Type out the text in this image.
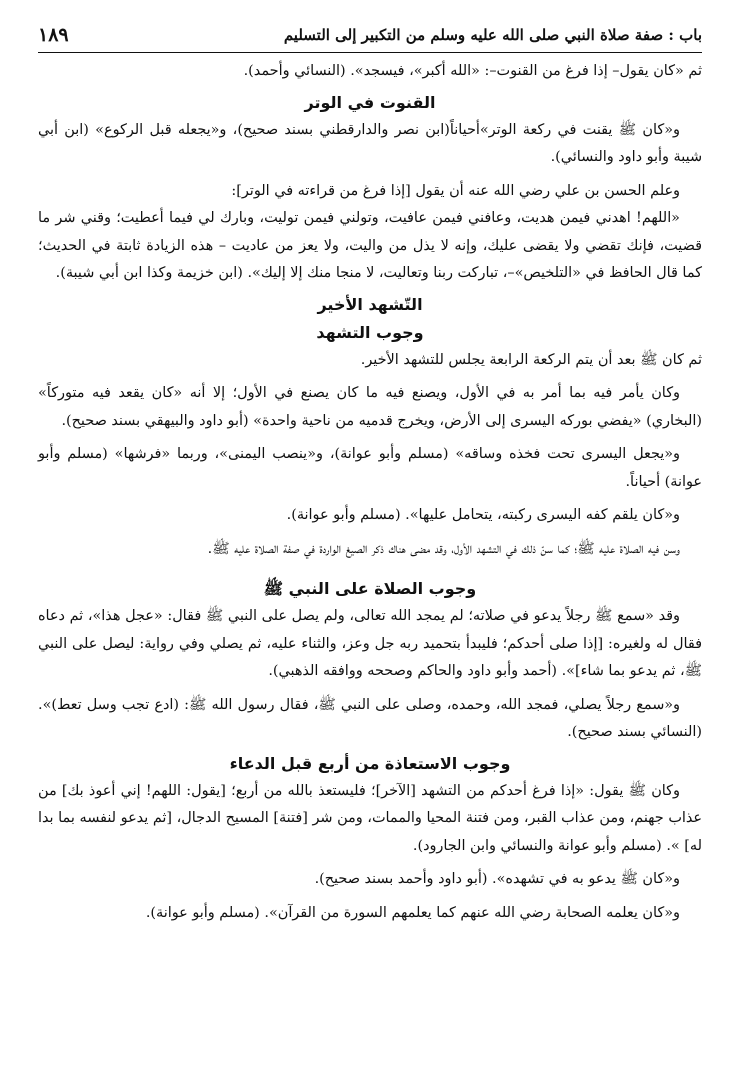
باب : صفة صلاة النبي صلى الله عليه وسلم من التكبير إلى التسليم
١٨٩

ثم «كان يقول– إذا فرغ من القنوت–: «الله أكبر»، فيسجد». (النسائي وأحمد).

القنوت في الوتر

و«كان ﷺ يقنت في ركعة الوتر»أحياناً(ابن نصر والدارقطني بسند صحيح)، و«يجعله قبل الركوع» (ابن أبي شيبة وأبو داود والنسائي).

وعلم الحسن بن علي رضي الله عنه أن يقول [إذا فرغ من قراءته في الوتر]:

«اللهم! اهدني فيمن هديت، وعافني فيمن عافيت، وتولني فيمن توليت، وبارك لي فيما أعطيت؛ وقني شر ما قضيت، فإنك تقضي ولا يقضى عليك، وإنه لا يذل من واليت، ولا يعز من عاديت – هذه الزيادة ثابتة في الحديث؛ كما قال الحافظ في «التلخيص»–، تباركت ربنا وتعاليت، لا منجا منك إلا إليك». (ابن خزيمة وكذا ابن أبي شيبة).

التّشهد الأخير
وجوب التشهد

ثم كان ﷺ بعد أن يتم الركعة الرابعة يجلس للتشهد الأخير.

وكان يأمر فيه بما أمر به في الأول، ويصنع فيه ما كان يصنع في الأول؛ إلا أنه «كان يقعد فيه متوركاً» (البخاري) «يفضي بوركه اليسرى إلى الأرض، ويخرج قدميه من ناحية واحدة» (أبو داود والبيهقي بسند صحيح).

و«يجعل اليسرى تحت فخذه وساقه» (مسلم وأبو عوانة)، و«ينصب اليمنى»، وربما «فرشها» (مسلم وأبو عوانة) أحياناً.

و«كان يلقم كفه اليسرى ركبته، يتحامل عليها». (مسلم وأبو عوانة).

وسن فيه الصلاة عليه ﷺ؛ كما سنّ ذلك في التشهد الأول، وقد مضى هناك ذكر الصيغ الواردة في صفة الصلاة عليه ﷺ.

وجوب الصلاة على النبي ﷺ

وقد «سمع ﷺ رجلاً يدعو في صلاته؛ لم يمجد الله تعالى، ولم يصل على النبي ﷺ فقال: «عجل هذا»، ثم دعاه فقال له ولغيره: [إذا صلى أحدكم؛ فليبدأ بتحميد ربه جل وعز، والثناء عليه، ثم يصلي وفي رواية: ليصل على النبي ﷺ، ثم يدعو بما شاء]». (أحمد وأبو داود والحاكم وصححه ووافقه الذهبي).

و«سمع رجلاً يصلي، فمجد الله، وحمده، وصلى على النبي ﷺ، فقال رسول الله ﷺ: (ادع تجب وسل تعط)». (النسائي بسند صحيح).

وجوب الاستعاذة من أربع قبل الدعاء

وكان ﷺ يقول: «إذا فرغ أحدكم من التشهد [الآخر]؛ فليستعذ بالله من أربع؛ [يقول: اللهم! إني أعوذ بك] من عذاب جهنم، ومن عذاب القبر، ومن فتنة المحيا والممات، ومن شر [فتنة] المسيح الدجال، [ثم يدعو لنفسه بما بدا له] ». (مسلم وأبو عوانة والنسائي وابن الجارود).

و«كان ﷺ يدعو به في تشهده». (أبو داود وأحمد بسند صحيح).

و«كان يعلمه الصحابة رضي الله عنهم كما يعلمهم السورة من القرآن». (مسلم وأبو عوانة).
